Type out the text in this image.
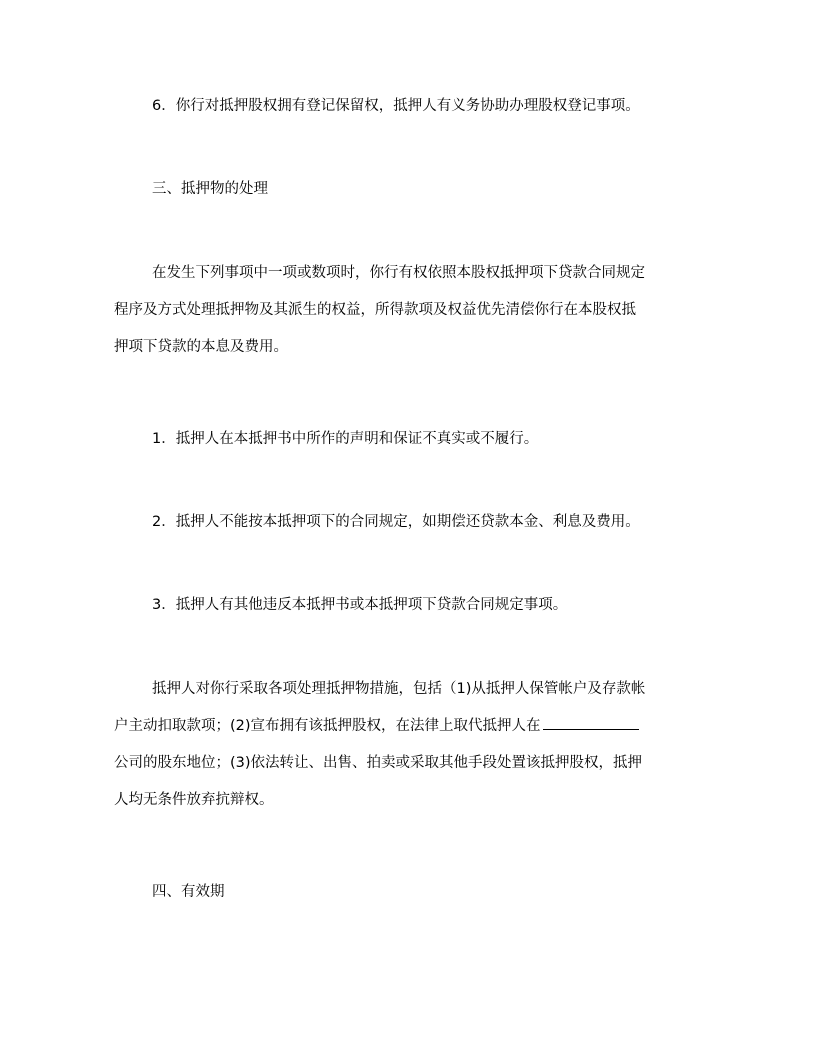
6．你行对抵押股权拥有登记保留权，抵押人有义务协助办理股权登记事项。

三、抵押物的处理

在发生下列事项中一项或数项时，你行有权依照本股权抵押项下贷款合同规定
程序及方式处理抵押物及其派生的权益，所得款项及权益优先清偿你行在本股权抵
押项下贷款的本息及费用。

1．抵押人在本抵押书中所作的声明和保证不真实或不履行。

2．抵押人不能按本抵押项下的合同规定，如期偿还贷款本金、利息及费用。

3．抵押人有其他违反本抵押书或本抵押项下贷款合同规定事项。

抵押人对你行采取各项处理抵押物措施，包括（1)从抵押人保管帐户及存款帐
户主动扣取款项；(2)宣布拥有该抵押股权，在法律上取代抵押人在
公司的股东地位；(3)依法转让、出售、拍卖或采取其他手段处置该抵押股权，抵押
人均无条件放弃抗辩权。

四、有效期
